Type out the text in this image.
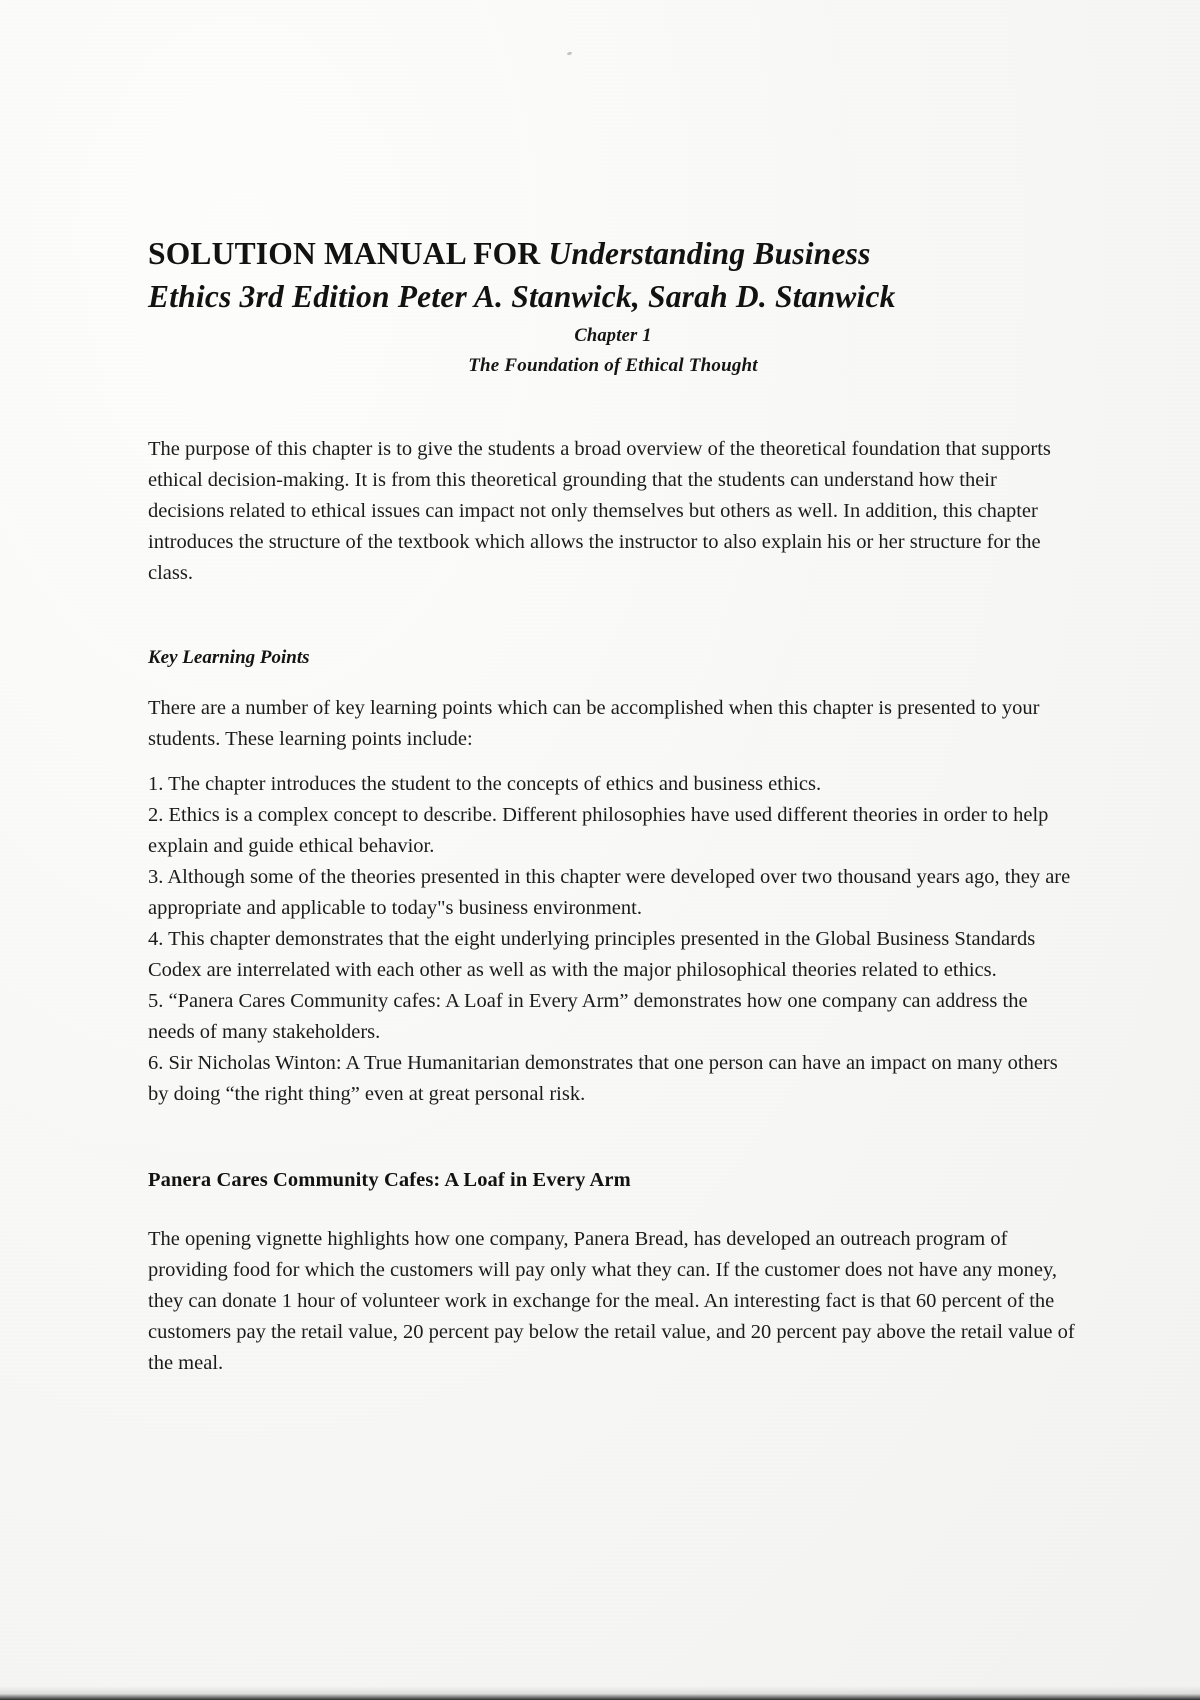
SOLUTION MANUAL FOR Understanding Business
Ethics 3rd Edition Peter A. Stanwick, Sarah D. Stanwick
Chapter 1
The Foundation of Ethical Thought

The purpose of this chapter is to give the students a broad overview of the theoretical foundation that supports ethical decision-making. It is from this theoretical grounding that the students can understand how their decisions related to ethical issues can impact not only themselves but others as well. In addition, this chapter introduces the structure of the textbook which allows the instructor to also explain his or her structure for the class.

Key Learning Points

There are a number of key learning points which can be accomplished when this chapter is presented to your students. These learning points include:

1. The chapter introduces the student to the concepts of ethics and business ethics.
2. Ethics is a complex concept to describe. Different philosophies have used different theories in order to help explain and guide ethical behavior.
3. Although some of the theories presented in this chapter were developed over two thousand years ago, they are appropriate and applicable to today"s business environment.
4. This chapter demonstrates that the eight underlying principles presented in the Global Business Standards Codex are interrelated with each other as well as with the major philosophical theories related to ethics.
5. “Panera Cares Community cafes: A Loaf in Every Arm” demonstrates how one company can address the needs of many stakeholders.
6. Sir Nicholas Winton: A True Humanitarian demonstrates that one person can have an impact on many others by doing “the right thing” even at great personal risk.
Panera Cares Community Cafes: A Loaf in Every Arm

The opening vignette highlights how one company, Panera Bread, has developed an outreach program of providing food for which the customers will pay only what they can. If the customer does not have any money, they can donate 1 hour of volunteer work in exchange for the meal. An interesting fact is that 60 percent of the customers pay the retail value, 20 percent pay below the retail value, and 20 percent pay above the retail value of the meal.
